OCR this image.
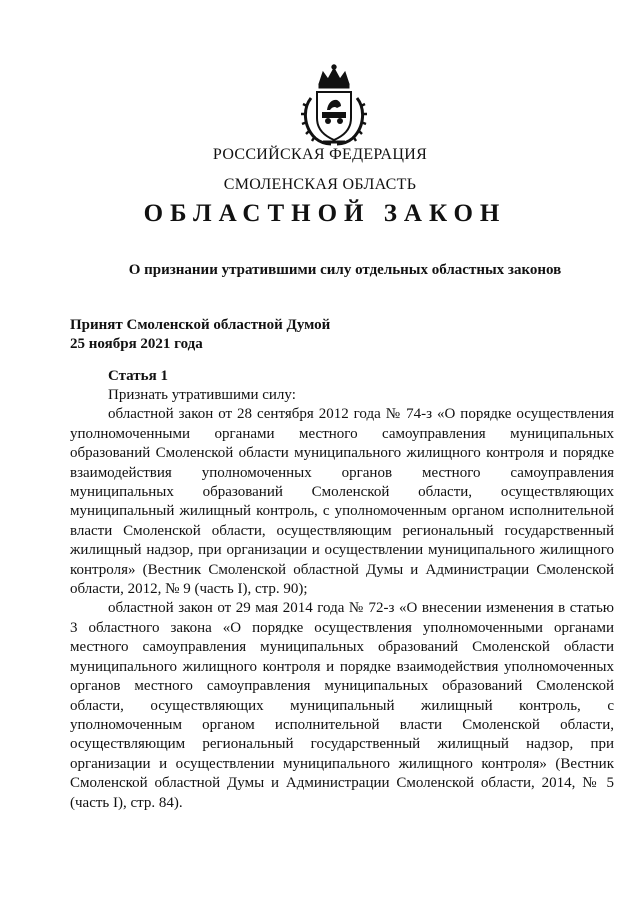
РОССИЙСКАЯ ФЕДЕРАЦИЯ
СМОЛЕНСКАЯ ОБЛАСТЬ
ОБЛАСТНОЙ ЗАКОН
О признании утратившими силу отдельных областных законов
Принят Смоленской областной Думой
25 ноября 2021 года
Статья 1

Признать утратившими силу:

областной закон от 28 сентября 2012 года № 74-з «О порядке осуществления уполномоченными органами местного самоуправления муниципальных образований Смоленской области муниципального жилищного контроля и порядке взаимодействия уполномоченных органов местного самоуправления муниципальных образований Смоленской области, осуществляющих муниципальный жилищный контроль, с уполномоченным органом исполнительной власти Смоленской области, осуществляющим региональный государственный жилищный надзор, при организации и осуществлении муниципального жилищного контроля» (Вестник Смоленской областной Думы и Администрации Смоленской области, 2012, № 9 (часть I), стр. 90);

областной закон от 29 мая 2014 года № 72-з «О внесении изменения в статью 3 областного закона «О порядке осуществления уполномоченными органами местного самоуправления муниципальных образований Смоленской области муниципального жилищного контроля и порядке взаимодействия уполномоченных органов местного самоуправления муниципальных образований Смоленской области, осуществляющих муниципальный жилищный контроль, с уполномоченным органом исполнительной власти Смоленской области, осуществляющим региональный государственный жилищный надзор, при организации и осуществлении муниципального жилищного контроля» (Вестник Смоленской областной Думы и Администрации Смоленской области, 2014, № 5 (часть I), стр. 84).
